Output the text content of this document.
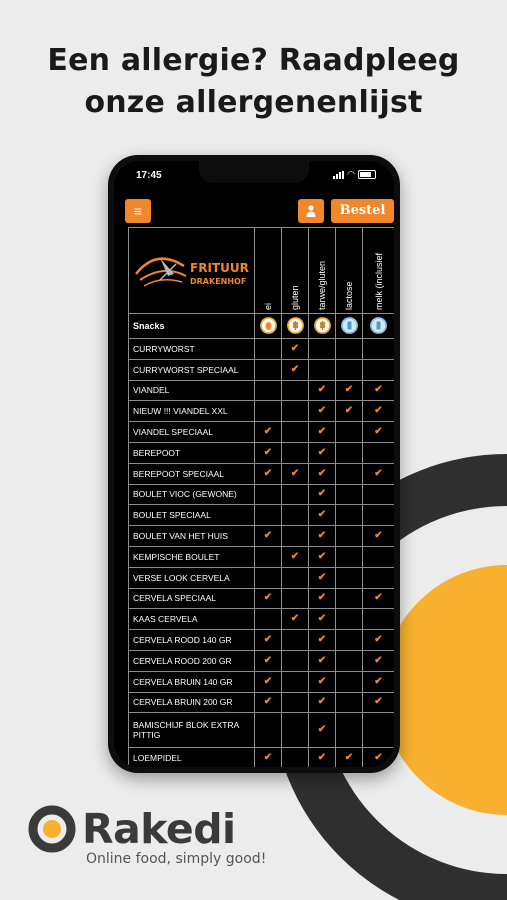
Een allergie? Raadpleeg
onze allergenenlijst
17:45	◠
≡	Bestel
FRITUUR
DRAKENHOF	ei	gluten	tarwe/gluten	lactose	melk (inclusief

Snacks					
CURRYWORST		✔			
CURRYWORST SPECIAAL		✔			
VIANDEL			✔	✔	✔
NIEUW !!! VIANDEL XXL			✔	✔	✔
VIANDEL SPECIAAL	✔		✔		✔
BEREPOOT	✔		✔		
BEREPOOT SPECIAAL	✔	✔	✔		✔
BOULET VIOC (GEWONE)			✔		
BOULET SPECIAAL			✔		
BOULET VAN HET HUIS	✔		✔		✔
KEMPISCHE BOULET		✔	✔		
VERSE LOOK CERVELA			✔		
CERVELA SPECIAAL	✔		✔		✔
KAAS CERVELA		✔	✔		
CERVELA ROOD 140 GR	✔		✔		✔
CERVELA ROOD 200 GR	✔		✔		✔
CERVELA BRUIN 140 GR	✔		✔		✔
CERVELA BRUIN 200 GR	✔		✔		✔
BAMISCHIJF BLOK EXTRA PITTIG			✔		
LOEMPIDEL	✔		✔	✔	✔
Rakedi
Online food, simply good!
